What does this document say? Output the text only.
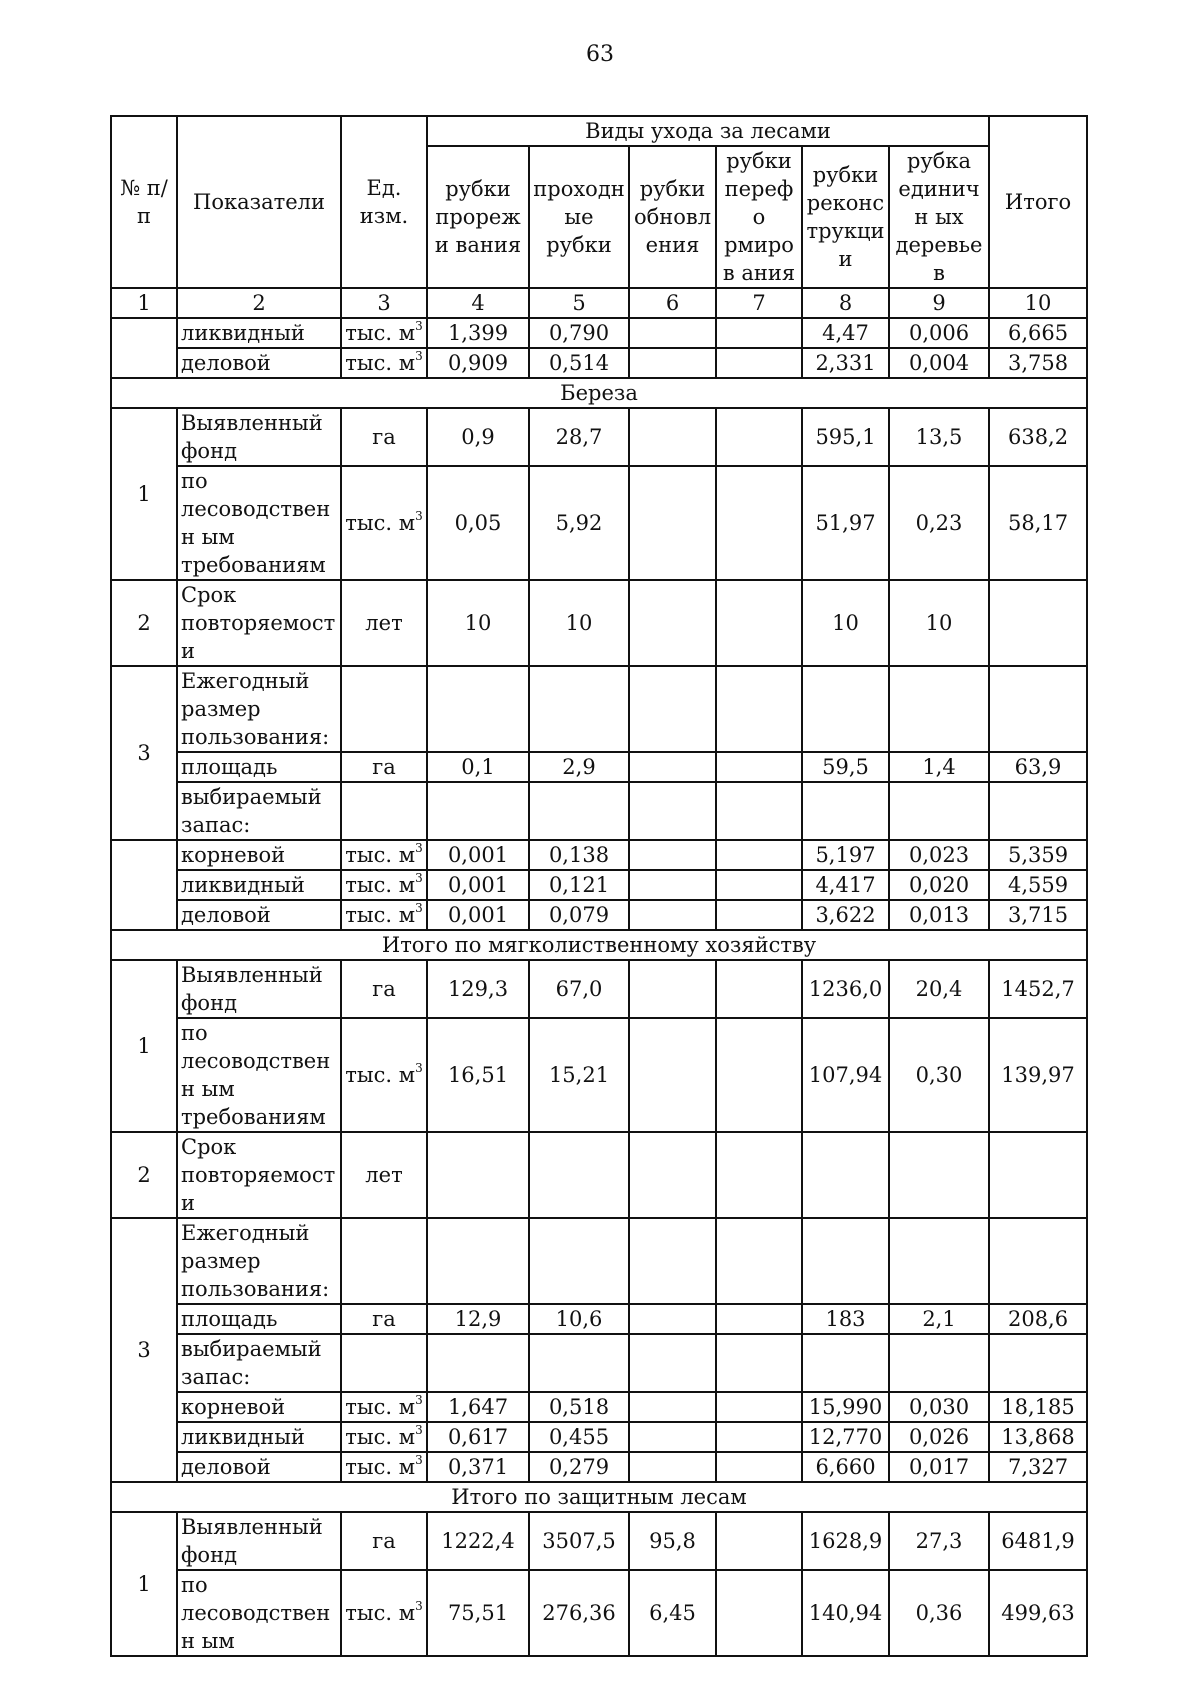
63
№ п/п	Показатели	Ед. изм.	Виды ухода за лесами						Итого
			рубки прорежи вания	проходн ые рубки	рубки обновл ения	рубки перефо рмиров ания	рубки реконс трукци и	рубка единичн ых деревьев	
1	2	3	4	5	6	7	8	9	10
	ликвидный	тыс. $м^3$	1,399	0,790			4,47	0,006	6,665
	деловой	тыс. $м^3$	0,909	0,514			2,331	0,004	3,758
Береза									
1	Выявленный фонд	га	0,9	28,7			595,1	13,5	638,2
	по лесоводственн ым требованиям	тыс. $м^3$	0,05	5,92			51,97	0,23	58,17
2	Срок повторяемости	лет	10	10			10	10	
3	Ежегодный размер пользования:								
	площадь	га	0,1	2,9			59,5	1,4	63,9
	выбираемый запас:								
	корневой	тыс. $м^3$	0,001	0,138			5,197	0,023	5,359
	ликвидный	тыс. $м^3$	0,001	0,121			4,417	0,020	4,559
	деловой	тыс. $м^3$	0,001	0,079			3,622	0,013	3,715
Итого по мягколиственному хозяйству									
1	Выявленный фонд	га	129,3	67,0			1236,0	20,4	1452,7
	по лесоводственн ым требованиям	тыс. $м^3$	16,51	15,21			107,94	0,30	139,97
2	Срок повторяемости	лет							
3	Ежегодный размер пользования:								
	площадь	га	12,9	10,6			183	2,1	208,6
	выбираемый запас:								
	корневой	тыс. $м^3$	1,647	0,518			15,990	0,030	18,185
	ликвидный	тыс. $м^3$	0,617	0,455			12,770	0,026	13,868
	деловой	тыс. $м^3$	0,371	0,279			6,660	0,017	7,327
Итого по защитным лесам									
1	Выявленный фонд	га	1222,4	3507,5	95,8		1628,9	27,3	6481,9
	по лесоводственн ым	тыс. $м^3$	75,51	276,36	6,45		140,94	0,36	499,63
